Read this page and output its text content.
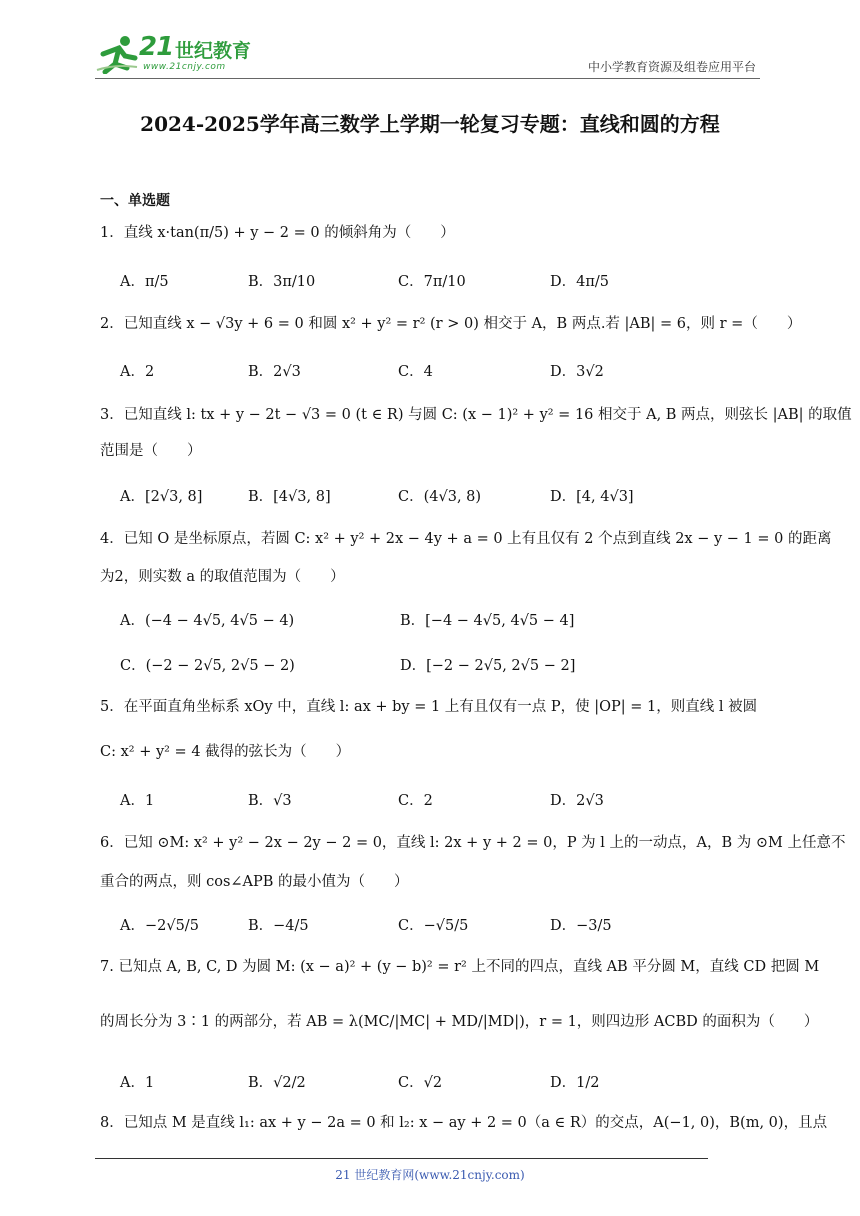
21 世纪教育
www.21cnjy.com	中小学教育资源及组卷应用平台
2024-2025学年高三数学上学期一轮复习专题：直线和圆的方程
一、单选题
1．直线 x·tan(π/5) + y − 2 = 0 的倾斜角为（　　）
A．π/5	B．3π/10	C．7π/10	D．4π/5
2．已知直线 x − √3y + 6 = 0 和圆 x² + y² = r² (r > 0) 相交于 A，B 两点.若 |AB| = 6，则 r =（　　）
A．2	B．2√3	C．4	D．3√2
3．已知直线 l: tx + y − 2t − √3 = 0 (t ∈ R) 与圆 C: (x − 1)² + y² = 16 相交于 A, B 两点，则弦长 |AB| 的取值
范围是（　　）
A．[2√3, 8]	B．[4√3, 8]	C．(4√3, 8)	D．[4, 4√3]
4．已知 O 是坐标原点，若圆 C: x² + y² + 2x − 4y + a = 0 上有且仅有 2 个点到直线 2x − y − 1 = 0 的距离
为2，则实数 a 的取值范围为（　　）
A．(−4 − 4√5, 4√5 − 4)	B．[−4 − 4√5, 4√5 − 4]
C．(−2 − 2√5, 2√5 − 2)	D．[−2 − 2√5, 2√5 − 2]
5．在平面直角坐标系 xOy 中，直线 l: ax + by = 1 上有且仅有一点 P，使 |OP| = 1，则直线 l 被圆
C: x² + y² = 4 截得的弦长为（　　）
A．1	B．√3	C．2	D．2√3
6．已知 ⊙M: x² + y² − 2x − 2y − 2 = 0，直线 l: 2x + y + 2 = 0，P 为 l 上的一动点，A，B 为 ⊙M 上任意不
重合的两点，则 cos∠APB 的最小值为（　　）
A．−2√5/5	B．−4/5	C．−√5/5	D．−3/5
7. 已知点 A, B, C, D 为圆 M: (x − a)² + (y − b)² = r² 上不同的四点，直线 AB 平分圆 M，直线 CD 把圆 M
的周长分为 3∶1 的两部分，若 AB = λ(MC/|MC| + MD/|MD|)，r = 1，则四边形 ACBD 的面积为（　　）
A．1	B．√2/2	C．√2	D．1/2
8．已知点 M 是直线 l₁: ax + y − 2a = 0 和 l₂: x − ay + 2 = 0（a ∈ R）的交点，A(−1, 0)，B(m, 0)，且点
21 世纪教育网(www.21cnjy.com)
